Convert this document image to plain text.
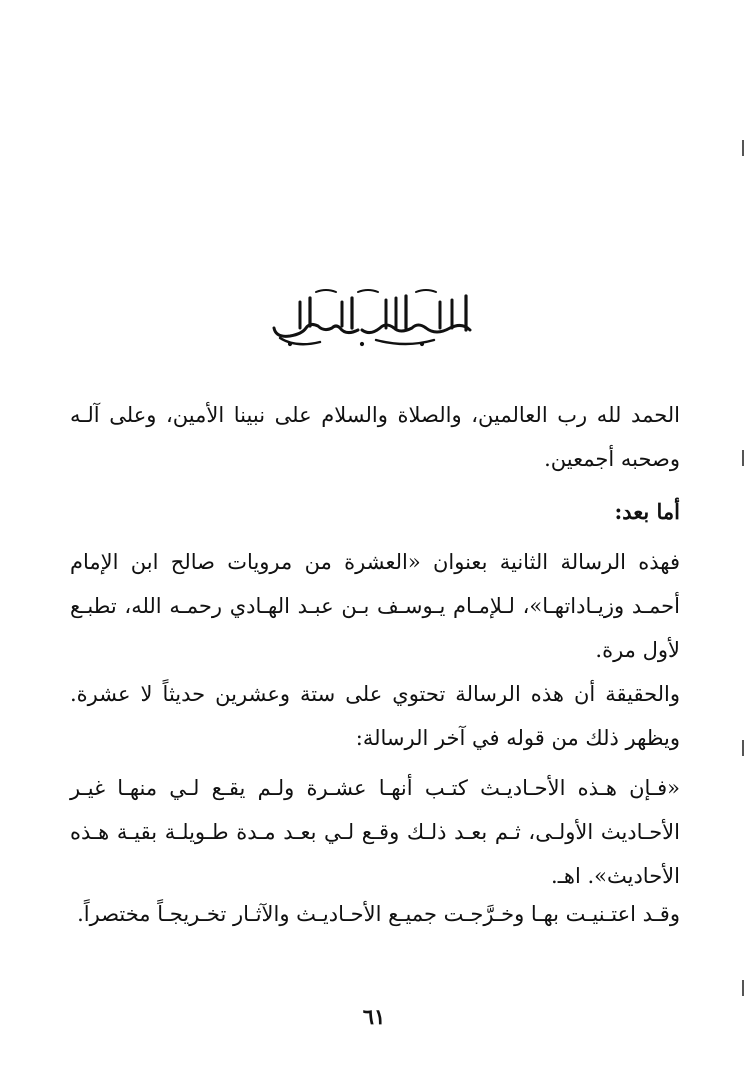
الحمد لله رب العالمين، والصلاة والسلام على نبينا الأمين، وعلى آلـه وصحبه أجمعين.
أما بعد:
فهذه الرسالة الثانية بعنوان «العشرة من مرويات صالح ابن الإمام أحمـد وزيـاداتهـا»، لـلإمـام يـوسـف بـن عبـد الهـادي رحمـه الله، تطبـع لأول مرة.
والحقيقة أن هذه الرسالة تحتوي على ستة وعشرين حديثاً لا عشرة. ويظهر ذلك من قوله في آخر الرسالة:
«فـإن هـذه الأحـاديـث كتـب أنهـا عشـرة ولـم يقـع لـي منهـا غيـر الأحـاديث الأولـى، ثـم بعـد ذلـك وقـع لـي بعـد مـدة طـويلـة بقيـة هـذه الأحاديث». اهـ.
وقـد اعتـنيـت بهـا وخـرَّجـت جميـع الأحـاديـث والآثـار تخـريجـاً مختصراً.
٦١
